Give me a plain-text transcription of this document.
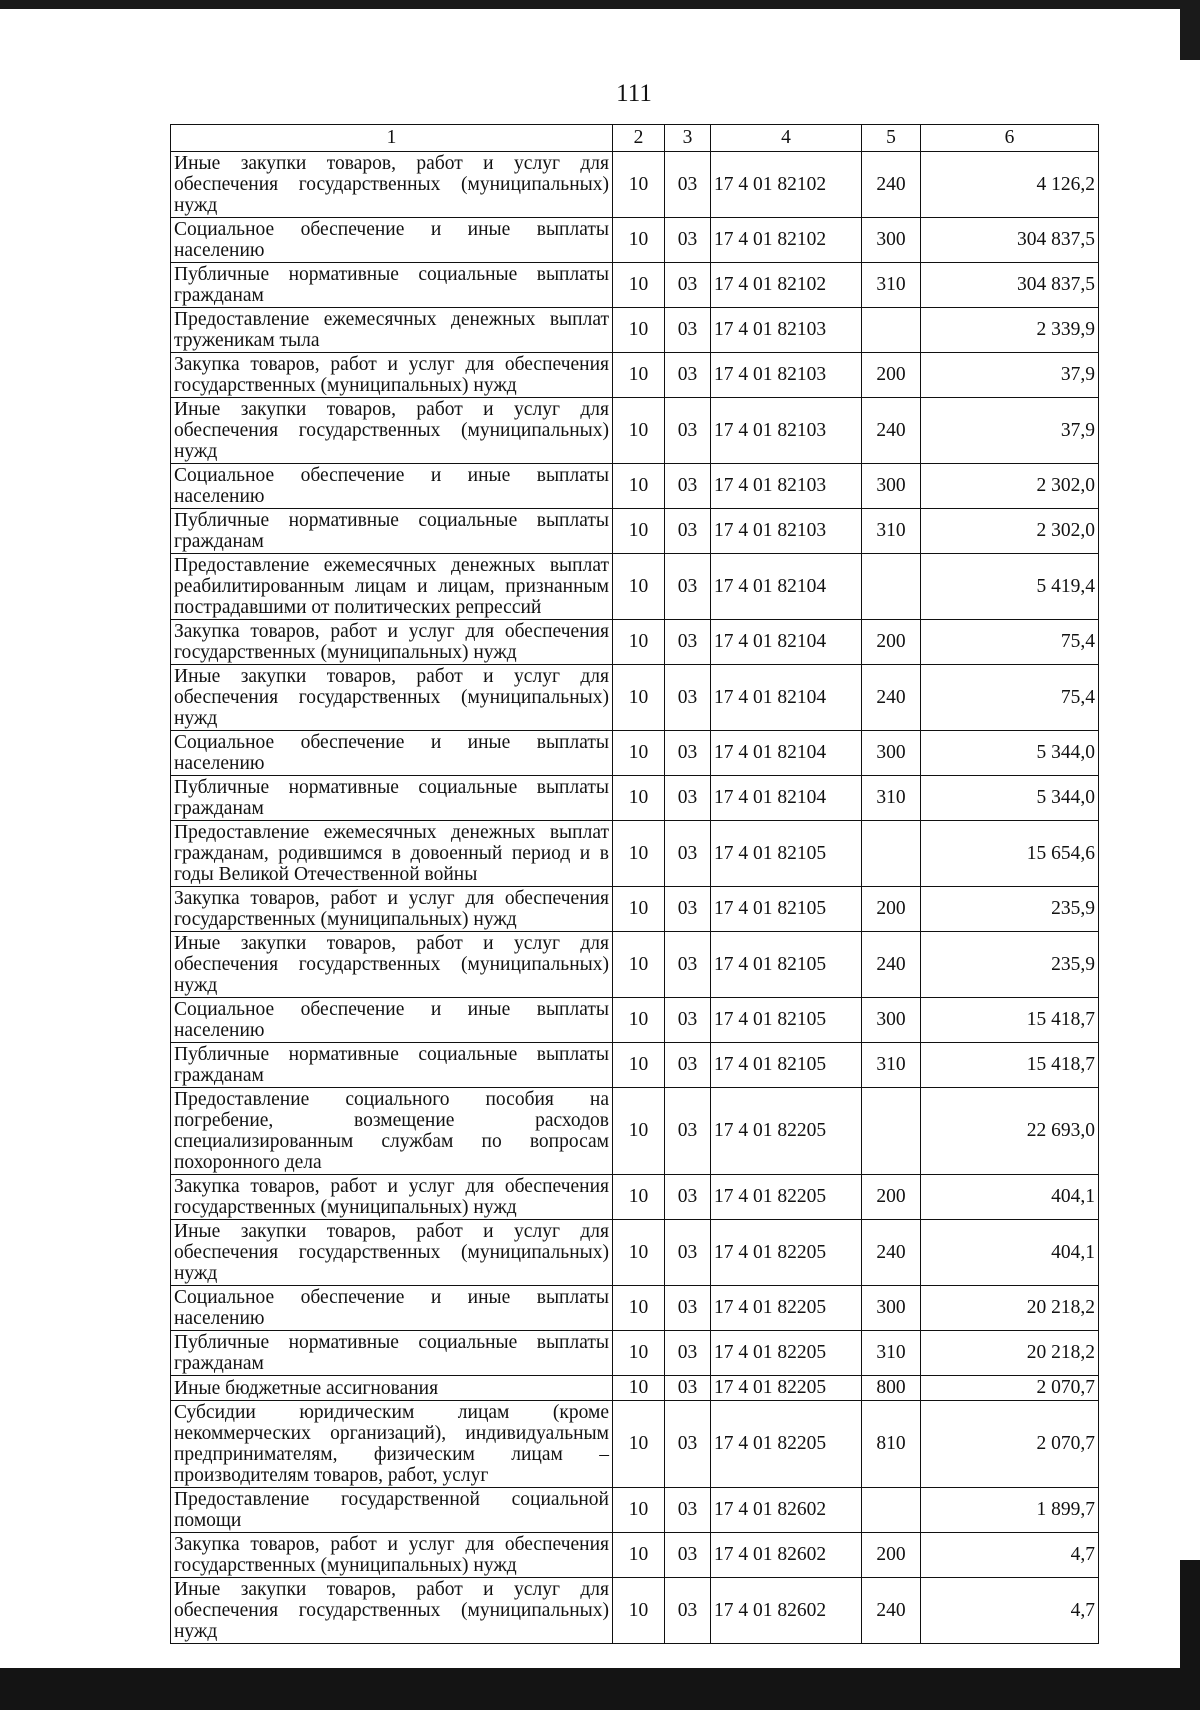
111
1	2	3	4	5	6
Иные закупки товаров, работ и услуг для обеспечения государственных (муниципальных) нужд	10	03	17 4 01 82102	240	4 126,2
Социальное обеспечение и иные выплаты населению	10	03	17 4 01 82102	300	304 837,5
Публичные нормативные социальные выплаты гражданам	10	03	17 4 01 82102	310	304 837,5
Предоставление ежемесячных денежных выплат труженикам тыла	10	03	17 4 01 82103		2 339,9
Закупка товаров, работ и услуг для обеспечения государственных (муниципальных) нужд	10	03	17 4 01 82103	200	37,9
Иные закупки товаров, работ и услуг для обеспечения государственных (муниципальных) нужд	10	03	17 4 01 82103	240	37,9
Социальное обеспечение и иные выплаты населению	10	03	17 4 01 82103	300	2 302,0
Публичные нормативные социальные выплаты гражданам	10	03	17 4 01 82103	310	2 302,0
Предоставление ежемесячных денежных выплат реабилитированным лицам и лицам, признанным пострадавшими от политических репрессий	10	03	17 4 01 82104		5 419,4
Закупка товаров, работ и услуг для обеспечения государственных (муниципальных) нужд	10	03	17 4 01 82104	200	75,4
Иные закупки товаров, работ и услуг для обеспечения государственных (муниципальных) нужд	10	03	17 4 01 82104	240	75,4
Социальное обеспечение и иные выплаты населению	10	03	17 4 01 82104	300	5 344,0
Публичные нормативные социальные выплаты гражданам	10	03	17 4 01 82104	310	5 344,0
Предоставление ежемесячных денежных выплат гражданам, родившимся в довоенный период и в годы Великой Отечественной войны	10	03	17 4 01 82105		15 654,6
Закупка товаров, работ и услуг для обеспечения государственных (муниципальных) нужд	10	03	17 4 01 82105	200	235,9
Иные закупки товаров, работ и услуг для обеспечения государственных (муниципальных) нужд	10	03	17 4 01 82105	240	235,9
Социальное обеспечение и иные выплаты населению	10	03	17 4 01 82105	300	15 418,7
Публичные нормативные социальные выплаты гражданам	10	03	17 4 01 82105	310	15 418,7
Предоставление социального пособия на погребение, возмещение расходов специализированным службам по вопросам похоронного дела	10	03	17 4 01 82205		22 693,0
Закупка товаров, работ и услуг для обеспечения государственных (муниципальных) нужд	10	03	17 4 01 82205	200	404,1
Иные закупки товаров, работ и услуг для обеспечения государственных (муниципальных) нужд	10	03	17 4 01 82205	240	404,1
Социальное обеспечение и иные выплаты населению	10	03	17 4 01 82205	300	20 218,2
Публичные нормативные социальные выплаты гражданам	10	03	17 4 01 82205	310	20 218,2
Иные бюджетные ассигнования	10	03	17 4 01 82205	800	2 070,7
Субсидии юридическим лицам (кроме некоммерческих организаций), индивидуальным предпринимателям, физическим лицам – производителям товаров, работ, услуг	10	03	17 4 01 82205	810	2 070,7
Предоставление государственной социальной помощи	10	03	17 4 01 82602		1 899,7
Закупка товаров, работ и услуг для обеспечения государственных (муниципальных) нужд	10	03	17 4 01 82602	200	4,7
Иные закупки товаров, работ и услуг для обеспечения государственных (муниципальных) нужд	10	03	17 4 01 82602	240	4,7
